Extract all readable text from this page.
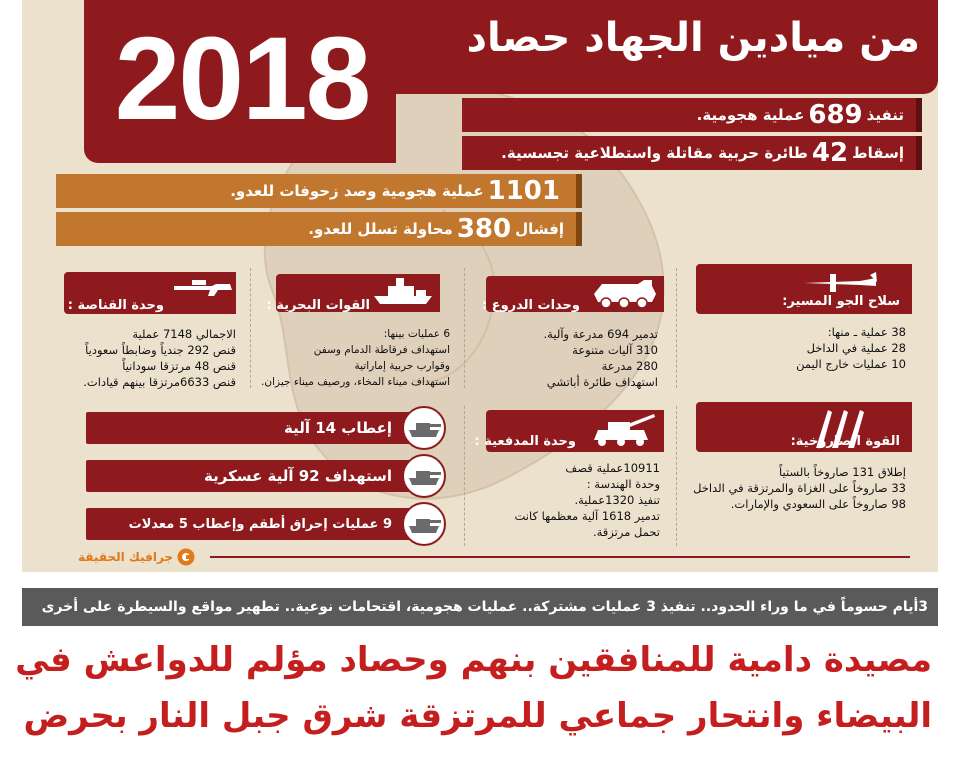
2018	من ميادين الجهاد حصاد
تنفيذ
689
عملية هجومية.
إسقاط
42
طائرة حربية مقاتلة واستطلاعية تجسسية.
1101
عملية هجومية وصد زحوفات للعدو.
إفشال
380
محاولة تسلل للعدو.
سلاح الجو المسير:
38 عملية ـ منها:
28 عملية في الداخل
10 عمليات خارج اليمن
وحدات الدروع :
تدمير 694 مدرعة وآلية.
310 آليات متنوعة
280 مدرعة
استهداف طائرة أباتشي
القوات البحرية :
6 عمليات بينها:
استهداف فرقاطة الدمام وسفن
وقوارب حربية إماراتية
استهداف ميناء المخاء، ورصيف ميناء جيزان.
وحدة القناصة :
الاجمالي 7148 عملية
قنص 292 جندياً وضابطاً سعودياً
قنص 48 مرتزقا سودانياً
قنص 6633مرتزقا بينهم قيادات.
القوة الصاروخية:
إطلاق 131 صاروخاً بالستياً
33 صاروخاً على الغزاة والمرتزقة في الداخل
98 صاروخاً على السعودي والإمارات.
وحدة المدفعية :
10911عملية قصف
وحدة الهندسة :
تنفيذ 1320عملية.
تدمير 1618 آلية معظمها كانت تحمل مرتزقة.
إعطاب 14 آلية
استهداف 92 آلية عسكرية
9 عمليات إحراق أطقم وإعطاب 5 معدلات
جرافيك الحقيقة
3أيام حسوماً في ما وراء الحدود.. تنفيذ 3 عمليات مشتركة.. عمليات هجومية، اقتحامات نوعية.. تطهير مواقع والسيطرة على أخرى
مصيدة دامية للمنافقين بنهم وحصاد مؤلم للدواعش في
البيضاء وانتحار جماعي للمرتزقة شرق جبل النار بحرض
